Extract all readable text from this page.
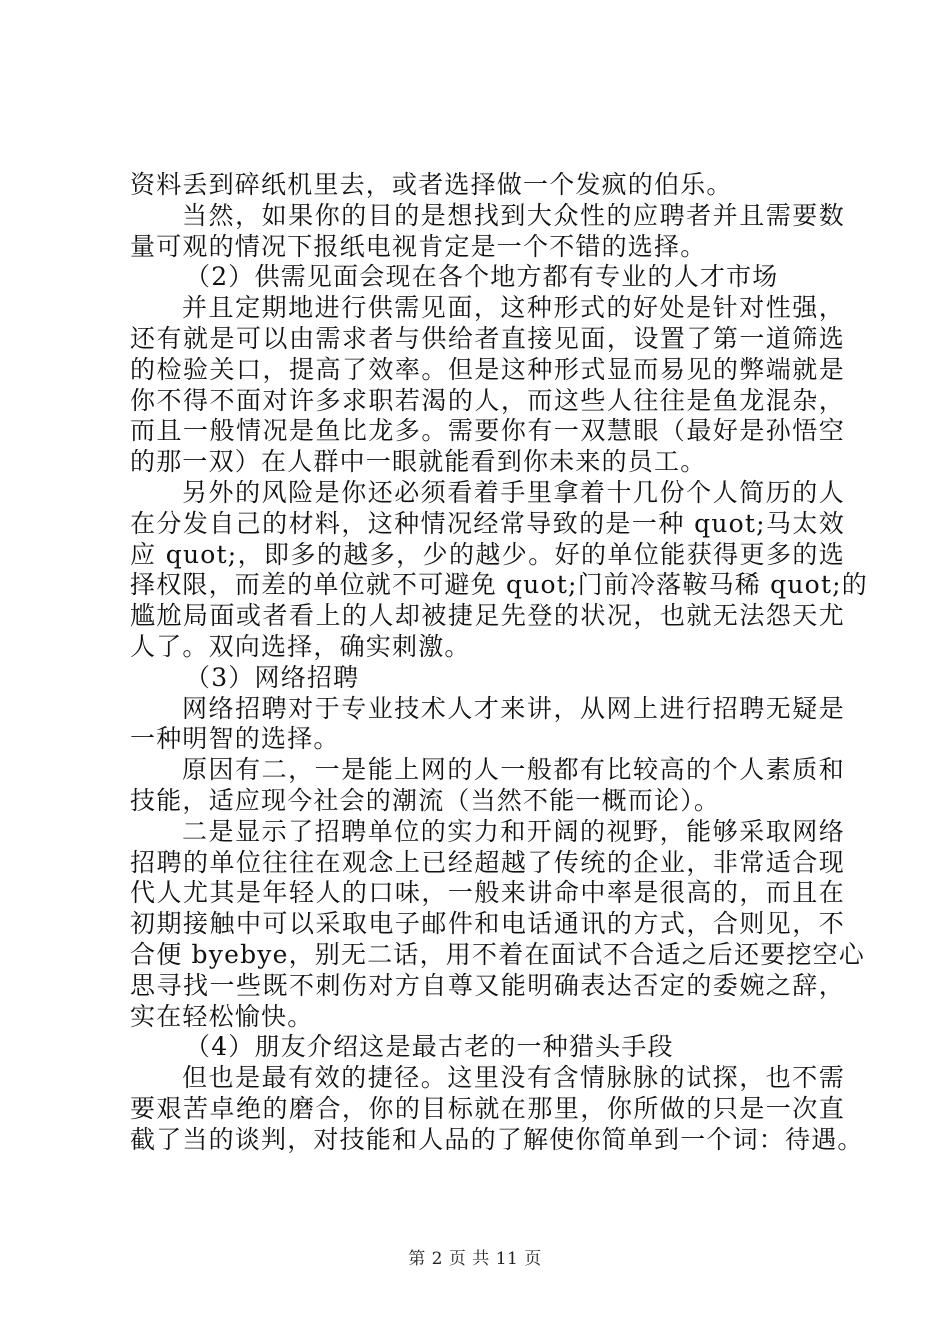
资料丢到碎纸机里去，或者选择做一个发疯的伯乐。
当然，如果你的目的是想找到大众性的应聘者并且需要数
量可观的情况下报纸电视肯定是一个不错的选择。
（2）供需见面会现在各个地方都有专业的人才市场
并且定期地进行供需见面，这种形式的好处是针对性强，
还有就是可以由需求者与供给者直接见面，设置了第一道筛选
的检验关口，提高了效率。但是这种形式显而易见的弊端就是
你不得不面对许多求职若渴的人，而这些人往往是鱼龙混杂，
而且一般情况是鱼比龙多。需要你有一双慧眼（最好是孙悟空
的那一双）在人群中一眼就能看到你未来的员工。
另外的风险是你还必须看着手里拿着十几份个人简历的人
在分发自己的材料，这种情况经常导致的是一种 quot;马太效
应 quot;，即多的越多，少的越少。好的单位能获得更多的选
择权限，而差的单位就不可避免 quot;门前冷落鞍马稀 quot;的
尴尬局面或者看上的人却被捷足先登的状况，也就无法怨天尤
人了。双向选择，确实刺激。
（3）网络招聘
网络招聘对于专业技术人才来讲，从网上进行招聘无疑是
一种明智的选择。
原因有二，一是能上网的人一般都有比较高的个人素质和
技能，适应现今社会的潮流（当然不能一概而论）。
二是显示了招聘单位的实力和开阔的视野，能够采取网络
招聘的单位往往在观念上已经超越了传统的企业，非常适合现
代人尤其是年轻人的口味，一般来讲命中率是很高的，而且在
初期接触中可以采取电子邮件和电话通讯的方式，合则见，不
合便 byebye，别无二话，用不着在面试不合适之后还要挖空心
思寻找一些既不刺伤对方自尊又能明确表达否定的委婉之辞，
实在轻松愉快。
（4）朋友介绍这是最古老的一种猎头手段
但也是最有效的捷径。这里没有含情脉脉的试探，也不需
要艰苦卓绝的磨合，你的目标就在那里，你所做的只是一次直
截了当的谈判，对技能和人品的了解使你简单到一个词：待遇。
第 2 页 共 11 页
